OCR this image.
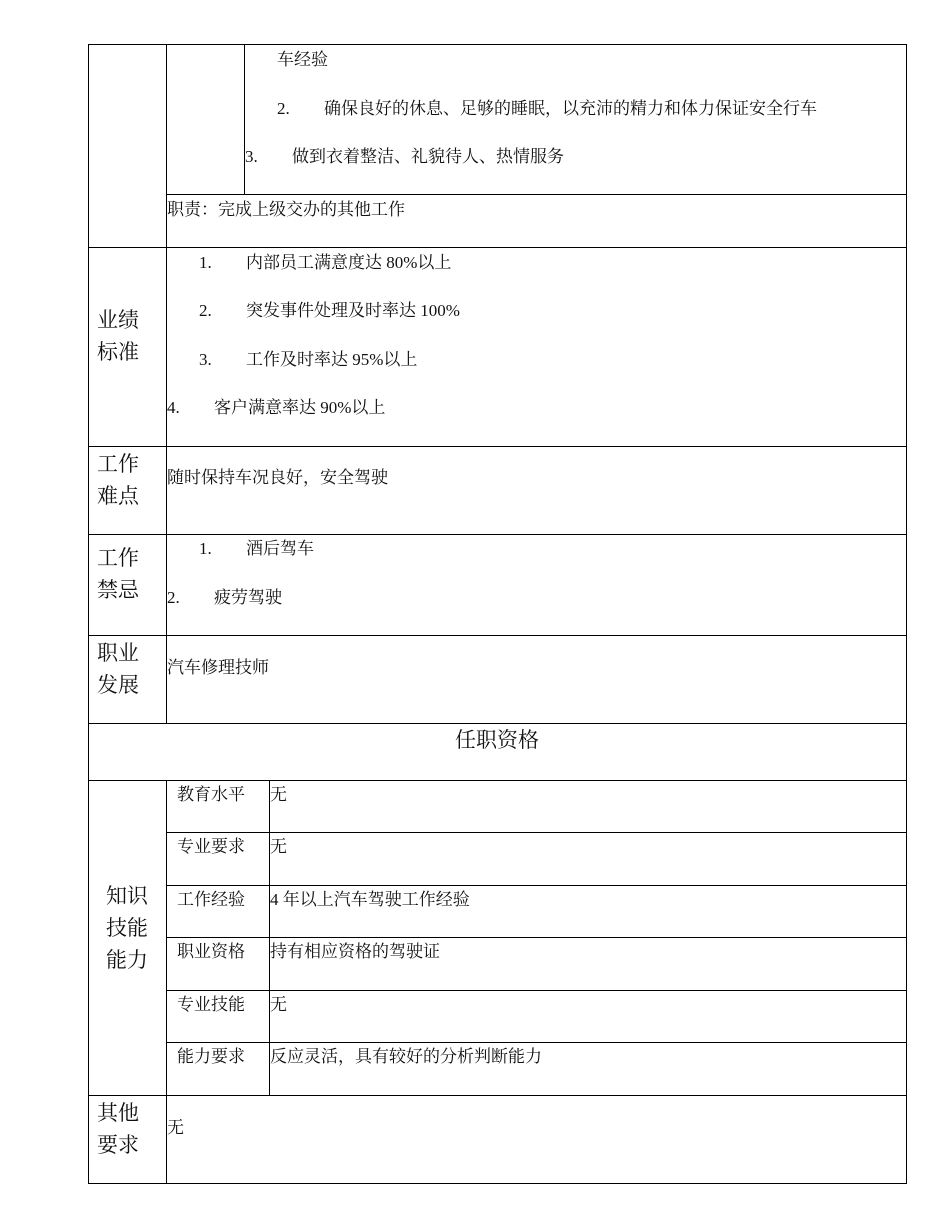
车经验
2. 确保良好的休息、足够的睡眠，以充沛的精力和体力保证安全行车
3. 做到衣着整洁、礼貌待人、热情服务
职责：完成上级交办的其他工作
业绩
标准
1. 内部员工满意度达 80%以上
2. 突发事件处理及时率达 100%
3. 工作及时率达 95%以上
4. 客户满意率达 90%以上
工作
难点
随时保持车况良好，安全驾驶
工作
禁忌
1. 酒后驾车
2. 疲劳驾驶
职业
发展
汽车修理技师
任职资格
知识
技能
能力
教育水平 无
专业要求 无
工作经验 4 年以上汽车驾驶工作经验
职业资格 持有相应资格的驾驶证
专业技能 无
能力要求 反应灵活，具有较好的分析判断能力
其他
要求
无
